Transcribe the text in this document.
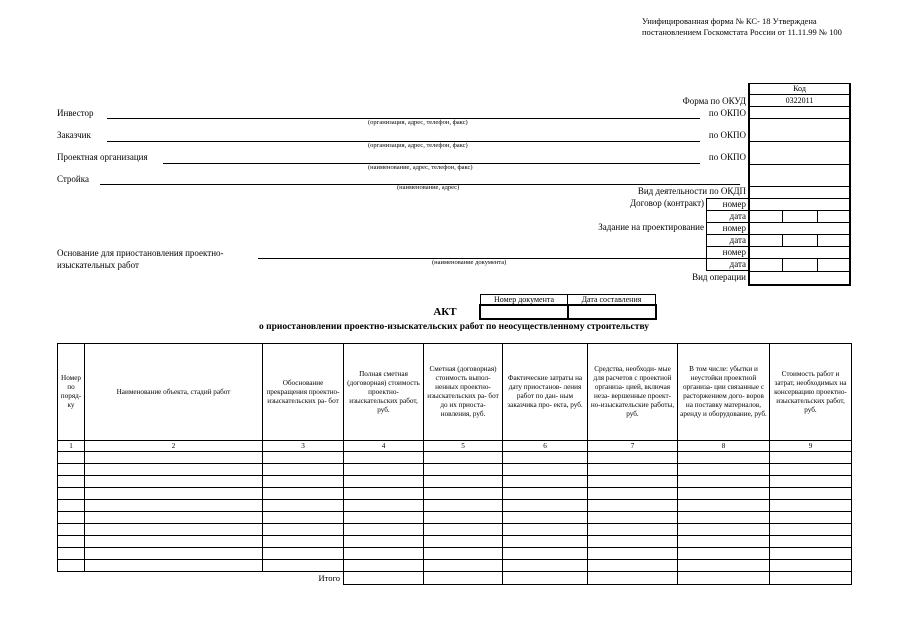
Унифицированная форма № КС- 18 Утверждена постановлением Госкомстата России от 11.11.99 № 100
Код
0322011
Форма по ОКУД
по ОКПО
по ОКПО
по ОКПО
Вид деятельности по ОКДП
Договор (контракт) номер
дата
Задание на проектирование номер
дата
номер
дата
Вид операции
Инвестор
(организация, адрес, телефон, факс)
Заказчик
(организация, адрес, телефон, факс)
Проектная организация
(наименование, адрес, телефон, факс)
Стройка
(наименование, адрес)
Основание для приостановления проектно-
изыскательных работ	(наименование документа)
Номер документа	Дата составления
АКТ
о приостановлении проектно-изыскательских работ по неосуществленному строительству
Номер по поряд- ку	Наименование объекта, стадий работ	Обоснование прекращения проектно- изыскательских ра- бот	Полная сметная (договорная) стоимость проектно- изыскательских работ, руб.	Сметная (договорная) стоимость выпол- ненных проектно- изыскательских ра- бот до их приоста- новления, руб.	Фактические затраты на дату приостанов- ления работ по дан- ным заказчика про- екта, руб.	Средства, необходи- мые для расчетов с проектной организа- цией, включая неза- вершенные проект- но-изыскательские работы, руб.	В том числе: убытки и неустойки проектной организа- ции связанные с расторжением дого- воров на поставку материалов, аренду и оборудование, руб.	Стоимость работ и затрат, необходимых на консервацию проектно- изыскательских работ, руб.
1	2	3	4	5	6	7	8	9

Итого								
